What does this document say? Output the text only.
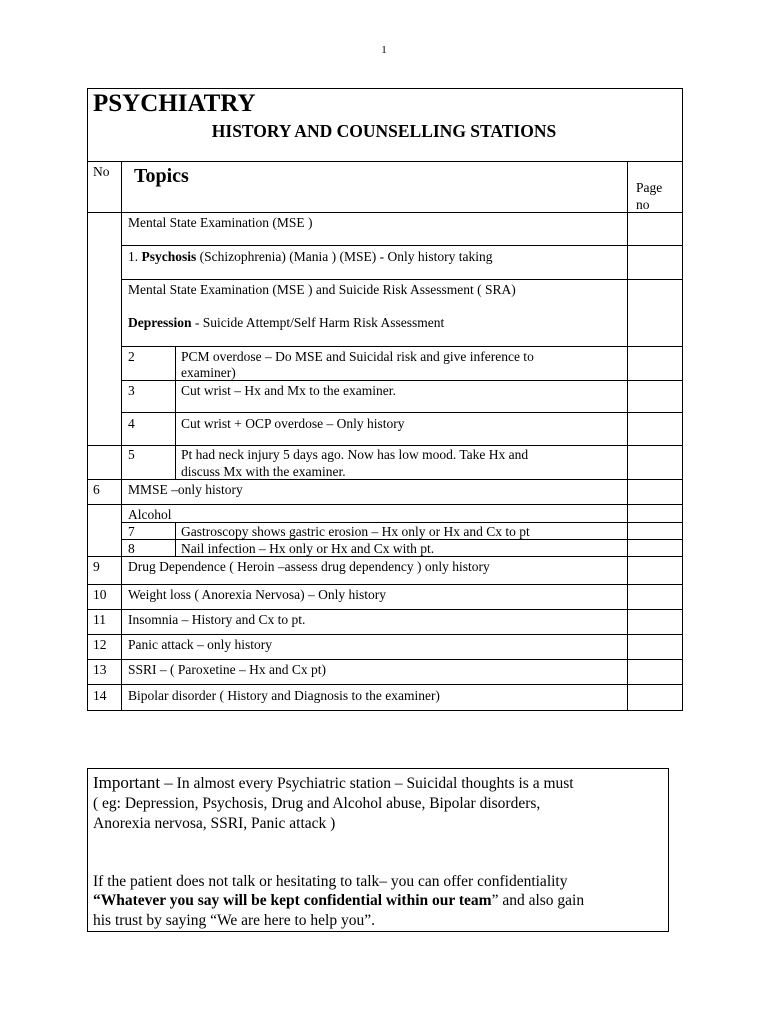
1
PSYCHIATRY
HISTORY AND COUNSELLING STATIONS
No Topics
Page no
Mental State Examination (MSE )
1. Psychosis (Schizophrenia) (Mania ) (MSE) - Only history taking
Mental State Examination (MSE ) and Suicide Risk Assessment ( SRA)
Depression - Suicide Attempt/Self Harm Risk Assessment
2	PCM overdose – Do MSE and Suicidal risk and give inference to
examiner)
3	Cut wrist – Hx and Mx to the examiner.
4	Cut wrist + OCP overdose – Only history
5	Pt had neck injury 5 days ago. Now has low mood. Take Hx and
discuss Mx with the examiner.
6 MMSE –only history
Alcohol
7	Gastroscopy shows gastric erosion – Hx only or Hx and Cx to pt
8	Nail infection – Hx only or Hx and Cx with pt.
9 Drug Dependence ( Heroin –assess drug dependency ) only history
10 Weight loss ( Anorexia Nervosa) – Only history
11 Insomnia – History and Cx to pt.
12 Panic attack – only history
13 SSRI – ( Paroxetine – Hx and Cx pt)
14 Bipolar disorder ( History and Diagnosis to the examiner)
Important – In almost every Psychiatric station – Suicidal thoughts is a must
( eg: Depression, Psychosis, Drug and Alcohol abuse, Bipolar disorders,
Anorexia nervosa, SSRI, Panic attack )
If the patient does not talk or hesitating to talk– you can offer confidentiality
“Whatever you say will be kept confidential within our team” and also gain
his trust by saying “We are here to help you”.
